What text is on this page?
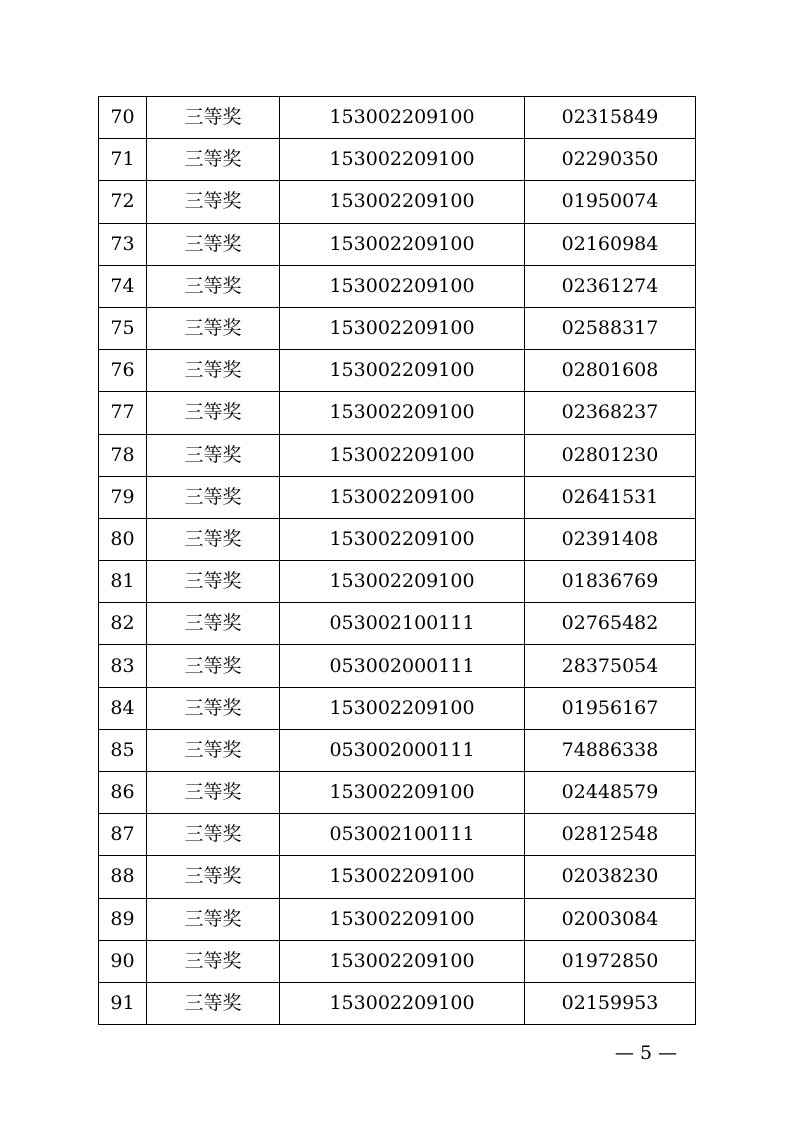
70	三等奖	153002209100	02315849
71	三等奖	153002209100	02290350
72	三等奖	153002209100	01950074
73	三等奖	153002209100	02160984
74	三等奖	153002209100	02361274
75	三等奖	153002209100	02588317
76	三等奖	153002209100	02801608
77	三等奖	153002209100	02368237
78	三等奖	153002209100	02801230
79	三等奖	153002209100	02641531
80	三等奖	153002209100	02391408
81	三等奖	153002209100	01836769
82	三等奖	053002100111	02765482
83	三等奖	053002000111	28375054
84	三等奖	153002209100	01956167
85	三等奖	053002000111	74886338
86	三等奖	153002209100	02448579
87	三等奖	053002100111	02812548
88	三等奖	153002209100	02038230
89	三等奖	153002209100	02003084
90	三等奖	153002209100	01972850
91	三等奖	153002209100	02159953
— 5 —
